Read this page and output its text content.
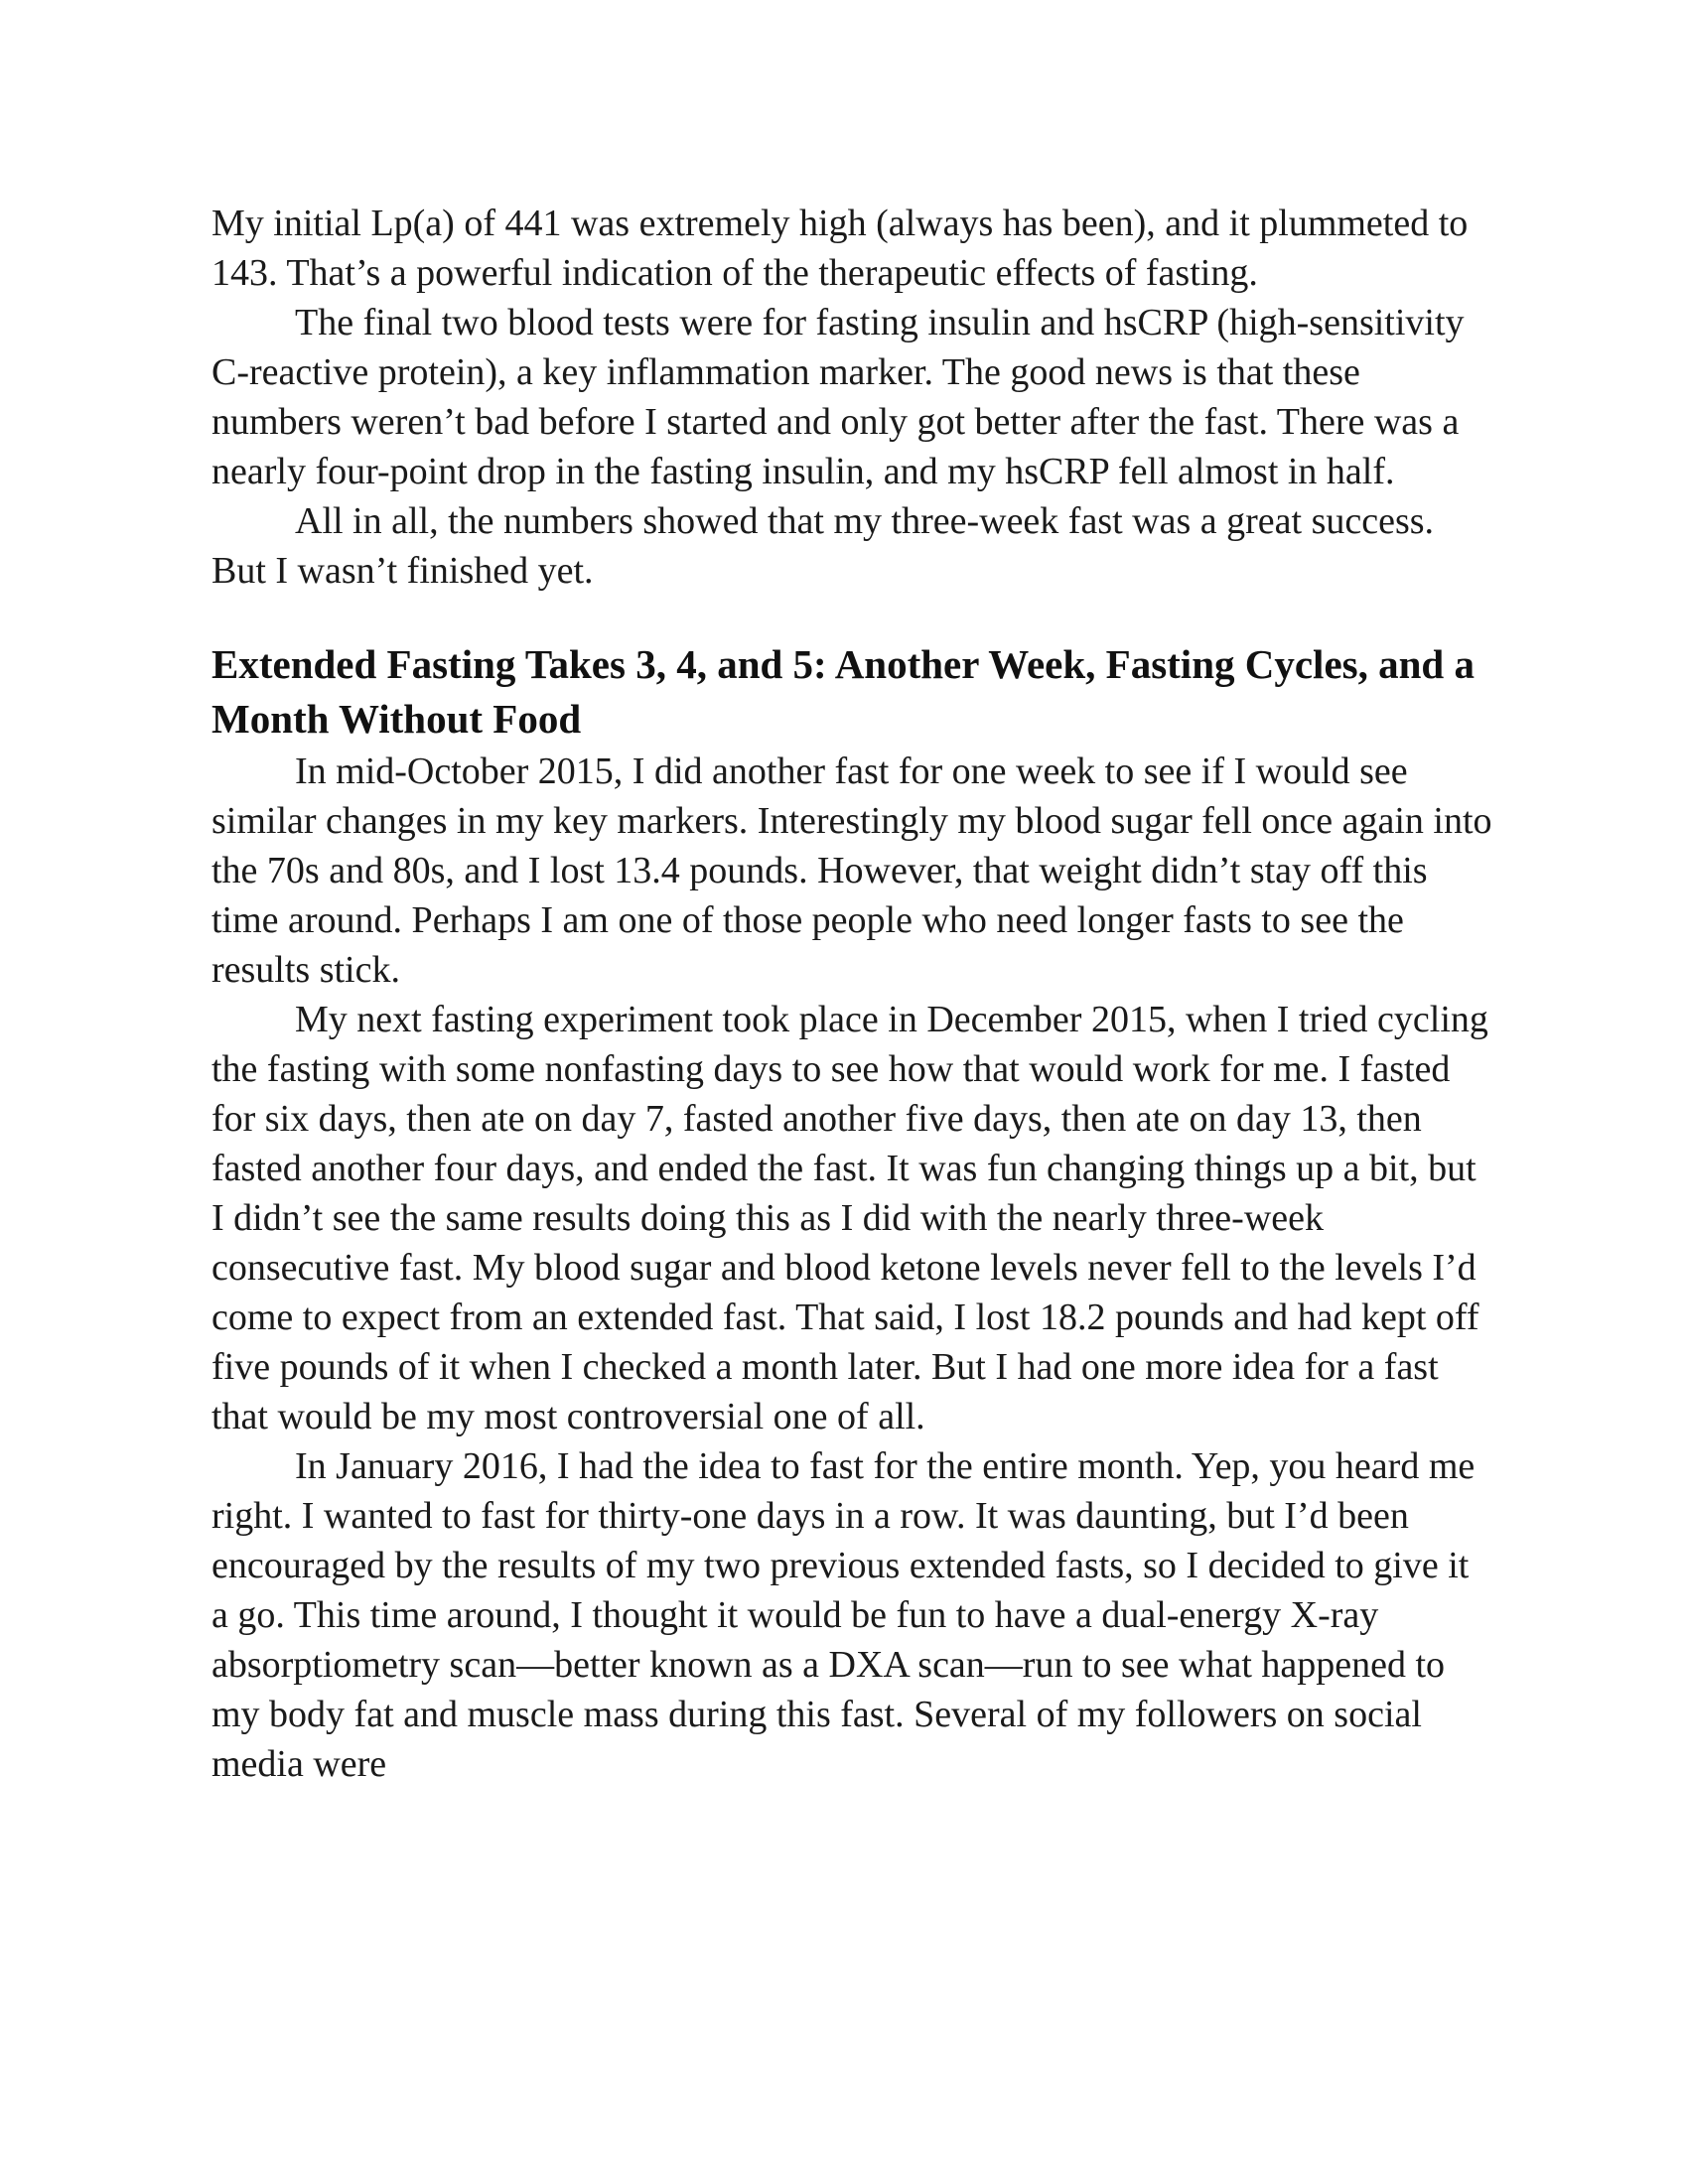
My initial Lp(a) of 441 was extremely high (always has been), and it plummeted to 143. That’s a powerful indication of the therapeutic effects of fasting.

The final two blood tests were for fasting insulin and hsCRP (high-sensitivity C-reactive protein), a key inflammation marker. The good news is that these numbers weren’t bad before I started and only got better after the fast. There was a nearly four-point drop in the fasting insulin, and my hsCRP fell almost in half.

All in all, the numbers showed that my three-week fast was a great success. But I wasn’t finished yet.

Extended Fasting Takes 3, 4, and 5: Another Week, Fasting Cycles, and a Month Without Food

In mid-October 2015, I did another fast for one week to see if I would see similar changes in my key markers. Interestingly my blood sugar fell once again into the 70s and 80s, and I lost 13.4 pounds. However, that weight didn’t stay off this time around. Perhaps I am one of those people who need longer fasts to see the results stick.

My next fasting experiment took place in December 2015, when I tried cycling the fasting with some nonfasting days to see how that would work for me. I fasted for six days, then ate on day 7, fasted another five days, then ate on day 13, then fasted another four days, and ended the fast. It was fun changing things up a bit, but I didn’t see the same results doing this as I did with the nearly three-week consecutive fast. My blood sugar and blood ketone levels never fell to the levels I’d come to expect from an extended fast. That said, I lost 18.2 pounds and had kept off five pounds of it when I checked a month later. But I had one more idea for a fast that would be my most controversial one of all.

In January 2016, I had the idea to fast for the entire month. Yep, you heard me right. I wanted to fast for thirty-one days in a row. It was daunting, but I’d been encouraged by the results of my two previous extended fasts, so I decided to give it a go. This time around, I thought it would be fun to have a dual-energy X-ray absorptiometry scan—better known as a DXA scan—run to see what happened to my body fat and muscle mass during this fast. Several of my followers on social media were
